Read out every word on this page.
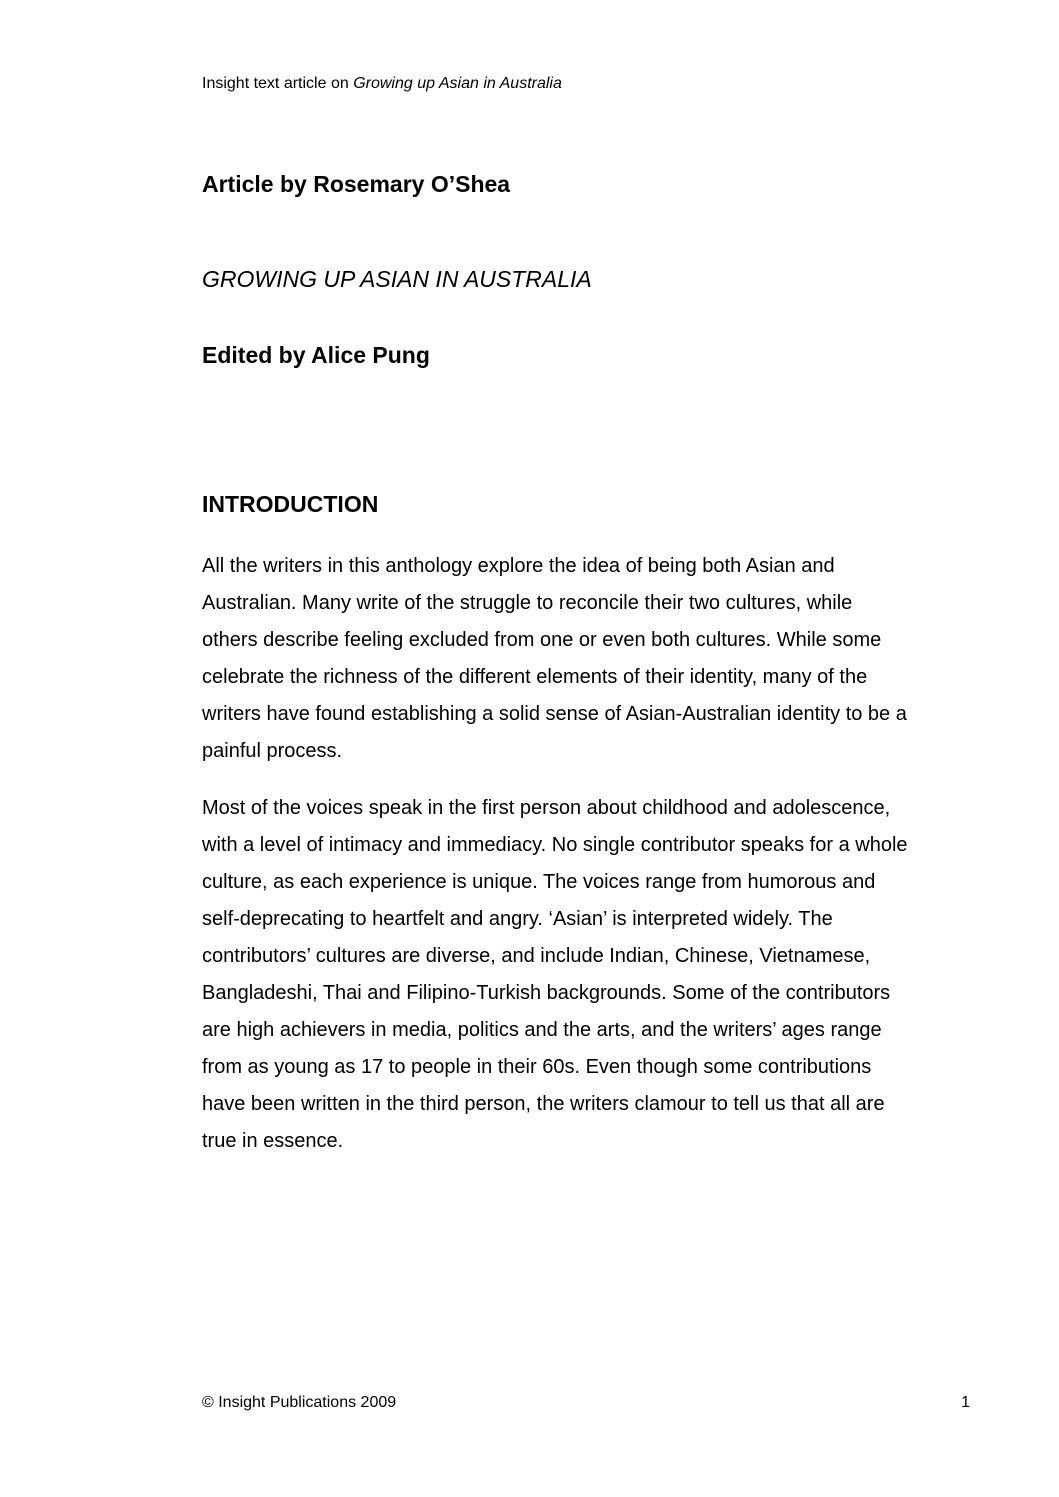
Insight text article on Growing up Asian in Australia
Article by Rosemary O’Shea
GROWING UP ASIAN IN AUSTRALIA
Edited by Alice Pung
INTRODUCTION
All the writers in this anthology explore the idea of being both Asian and
Australian. Many write of the struggle to reconcile their two cultures, while
others describe feeling excluded from one or even both cultures. While some
celebrate the richness of the different elements of their identity, many of the
writers have found establishing a solid sense of Asian-Australian identity to be a
painful process.
Most of the voices speak in the first person about childhood and adolescence,
with a level of intimacy and immediacy. No single contributor speaks for a whole
culture, as each experience is unique. The voices range from humorous and
self-deprecating to heartfelt and angry. ‘Asian’ is interpreted widely. The
contributors’ cultures are diverse, and include Indian, Chinese, Vietnamese,
Bangladeshi, Thai and Filipino-Turkish backgrounds. Some of the contributors
are high achievers in media, politics and the arts, and the writers’ ages range
from as young as 17 to people in their 60s. Even though some contributions
have been written in the third person, the writers clamour to tell us that all are
true in essence.
© Insight Publications 2009	1
